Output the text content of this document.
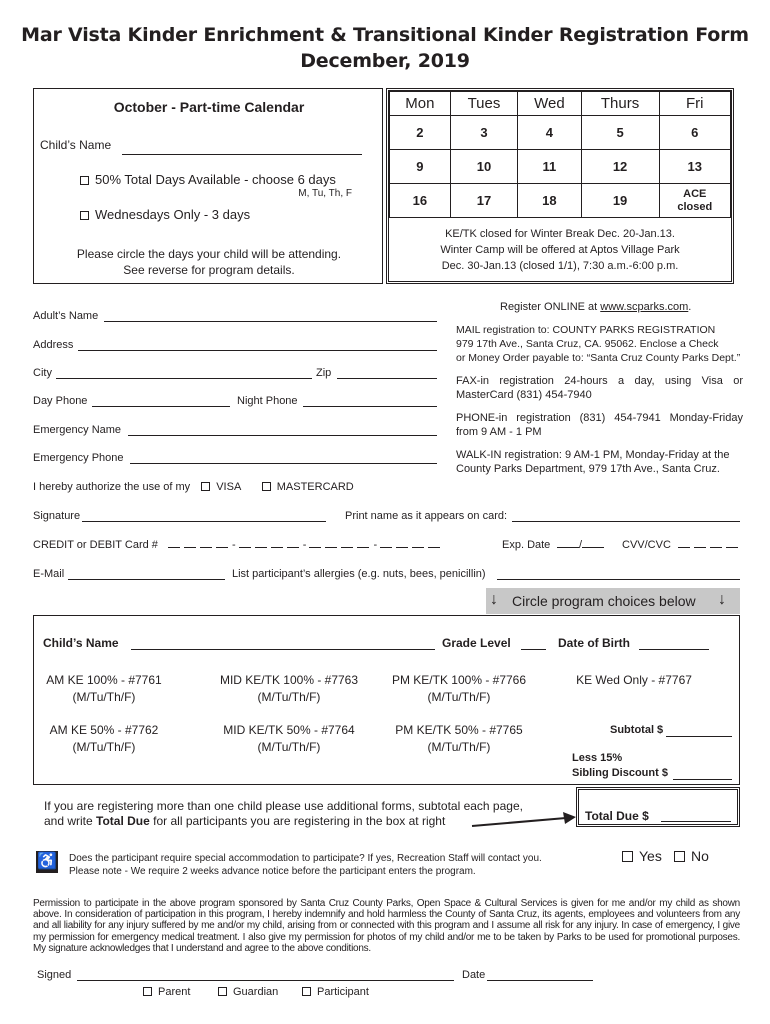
Mar Vista Kinder Enrichment & Transitional Kinder Registration Form
December, 2019
October - Part-time Calendar
Child’s Name
50% Total Days Available - choose 6 days
M, Tu, Th, F
Wednesdays Only - 3 days
Please circle the days your child will be attending.
See reverse for program details.
Mon	Tues	Wed	Thurs	Fri
2	3	4	5	6
9	10	11	12	13
16	17	18	19	ACE
closed
KE/TK closed for Winter Break Dec. 20-Jan.13.
Winter Camp will be offered at Aptos Village Park
Dec. 30-Jan.13 (closed 1/1), 7:30 a.m.-6:00 p.m.
Adult’s Name
Address
City	Zip
Day Phone	Night Phone
Emergency Name
Emergency Phone
I hereby authorize the use of my VISA	MASTERCARD
Signature	Print name as it appears on card:
CREDIT or DEBIT Card #	-	-	-	Exp. Date	/	CVV/CVC
E-Mail	List participant’s allergies (e.g. nuts, bees, penicillin)
Register ONLINE at www.scparks.com.
MAIL registration to: COUNTY PARKS REGISTRATION
979 17th Ave., Santa Cruz, CA. 95062. Enclose a Check
or Money Order payable to: “Santa Cruz County Parks Dept.”
FAX-in registration 24-hours a day, using Visa or
MasterCard (831) 454-7940
PHONE-in registration (831) 454-7941 Monday-Friday
from 9 AM - 1 PM
WALK-IN registration: 9 AM-1 PM, Monday-Friday at the
County Parks Department, 979 17th Ave., Santa Cruz.
↓ Circle program choices below ↓
Child’s Name	Grade Level	Date of Birth
AM KE 100% - #7761
(M/Tu/Th/F)
MID KE/TK 100% - #7763
(M/Tu/Th/F)
PM KE/TK 100% - #7766
(M/Tu/Th/F)
KE Wed Only - #7767
AM KE 50% - #7762
(M/Tu/Th/F)
MID KE/TK 50% - #7764
(M/Tu/Th/F)
PM KE/TK 50% - #7765
(M/Tu/Th/F)
Subtotal $
Less 15%
Sibling Discount $
If you are registering more than one child please use additional forms, subtotal each page,
and write Total Due for all participants you are registering in the box at right	Total Due $
♿ Does the participant require special accommodation to participate? If yes, Recreation Staff will contact you.
Please note - We require 2 weeks advance notice before the participant enters the program.
Yes	No
Permission to participate in the above program sponsored by Santa Cruz County Parks, Open Space & Cultural Services is given for me and/or my child as shown above. In consideration of participation in this program, I hereby indemnify and hold harmless the County of Santa Cruz, its agents, employees and volunteers from any and all liability for any injury suffered by me and/or my child, arising from or connected with this program and I assume all risk for any injury. In case of emergency, I give my permission for emergency medical treatment. I also give my permission for photos of my child and/or me to be taken by Parks to be used for promotional purposes. My signature acknowledges that I understand and agree to the above conditions.
Signed	Date
Parent	Guardian	Participant
